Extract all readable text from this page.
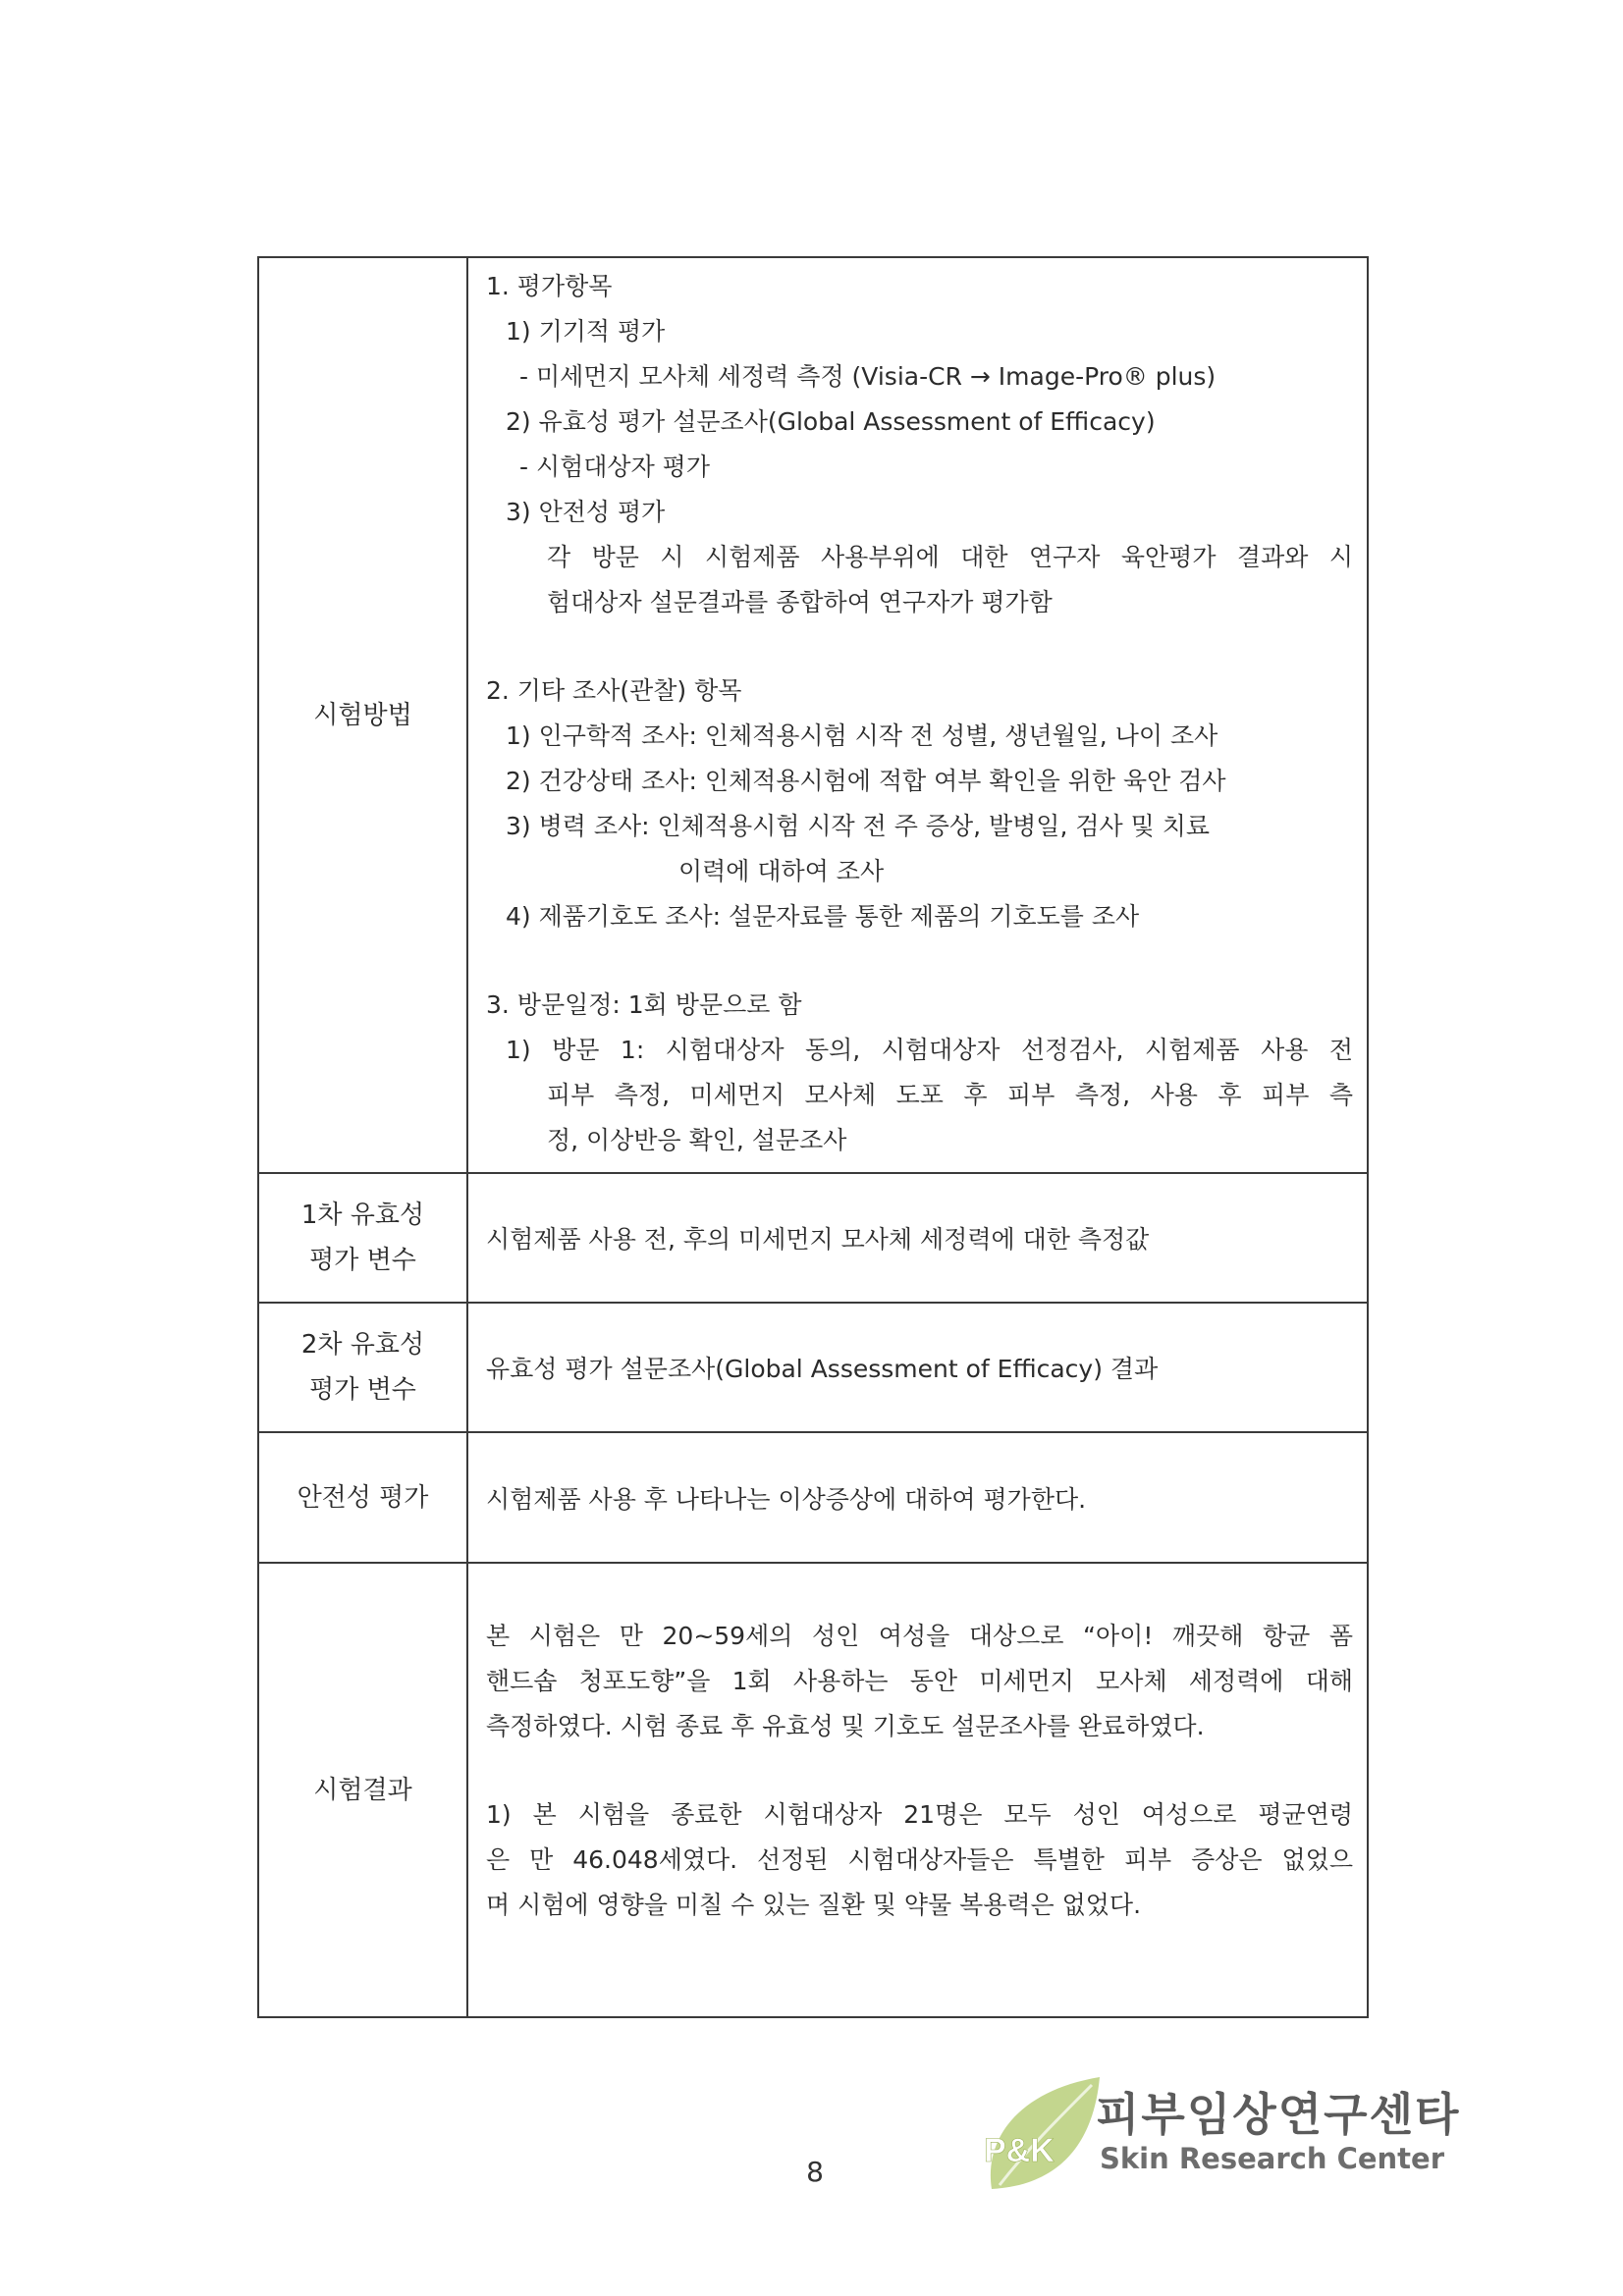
시험방법
1. 평가항목
1) 기기적 평가
- 미세먼지 모사체 세정력 측정 (Visia-CR → Image-Pro® plus)
2) 유효성 평가 설문조사(Global Assessment of Efficacy)
- 시험대상자 평가
3) 안전성 평가
각 방문 시 시험제품 사용부위에 대한 연구자 육안평가 결과와 시
험대상자 설문결과를 종합하여 연구자가 평가함
2. 기타 조사(관찰) 항목
1) 인구학적 조사: 인체적용시험 시작 전 성별, 생년월일, 나이 조사
2) 건강상태 조사: 인체적용시험에 적합 여부 확인을 위한 육안 검사
3) 병력 조사: 인체적용시험 시작 전 주 증상, 발병일, 검사 및 치료
이력에 대하여 조사
4) 제품기호도 조사: 설문자료를 통한 제품의 기호도를 조사
3. 방문일정: 1회 방문으로 함
1) 방문 1: 시험대상자 동의, 시험대상자 선정검사, 시험제품 사용 전
피부 측정, 미세먼지 모사체 도포 후 피부 측정, 사용 후 피부 측
정, 이상반응 확인, 설문조사
1차 유효성
평가 변수
시험제품 사용 전, 후의 미세먼지 모사체 세정력에 대한 측정값
2차 유효성
평가 변수
유효성 평가 설문조사(Global Assessment of Efficacy) 결과
안전성 평가	시험제품 사용 후 나타나는 이상증상에 대하여 평가한다.
시험결과
본 시험은 만 20~59세의 성인 여성을 대상으로 “아이! 깨끗해 항균 폼
핸드솝 청포도향”을 1회 사용하는 동안 미세먼지 모사체 세정력에 대해
측정하였다. 시험 종료 후 유효성 및 기호도 설문조사를 완료하였다.
1) 본 시험을 종료한 시험대상자 21명은 모두 성인 여성으로 평균연령
은 만 46.048세였다. 선정된 시험대상자들은 특별한 피부 증상은 없었으
며 시험에 영향을 미칠 수 있는 질환 및 약물 복용력은 없었다.
8
P&K
피부임상연구센타
Skin Research Center
